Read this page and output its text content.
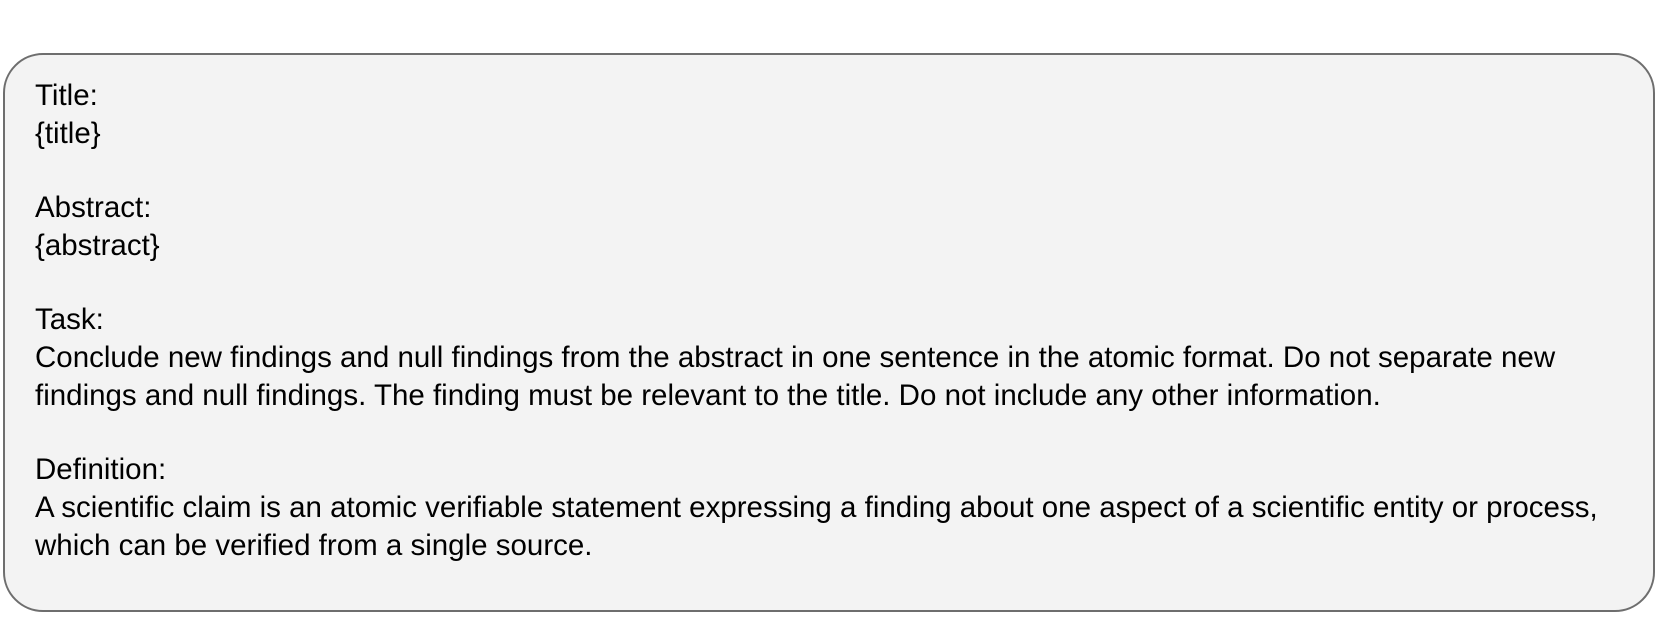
Title:
{title}
Abstract:
{abstract}
Task:
Conclude new findings and null findings from the abstract in one sentence in the atomic format. Do not separate new findings and null findings. The finding must be relevant to the title. Do not include any other information.
Definition:
A scientific claim is an atomic verifiable statement expressing a finding about one aspect of a scientific entity or process, which can be verified from a single source.
